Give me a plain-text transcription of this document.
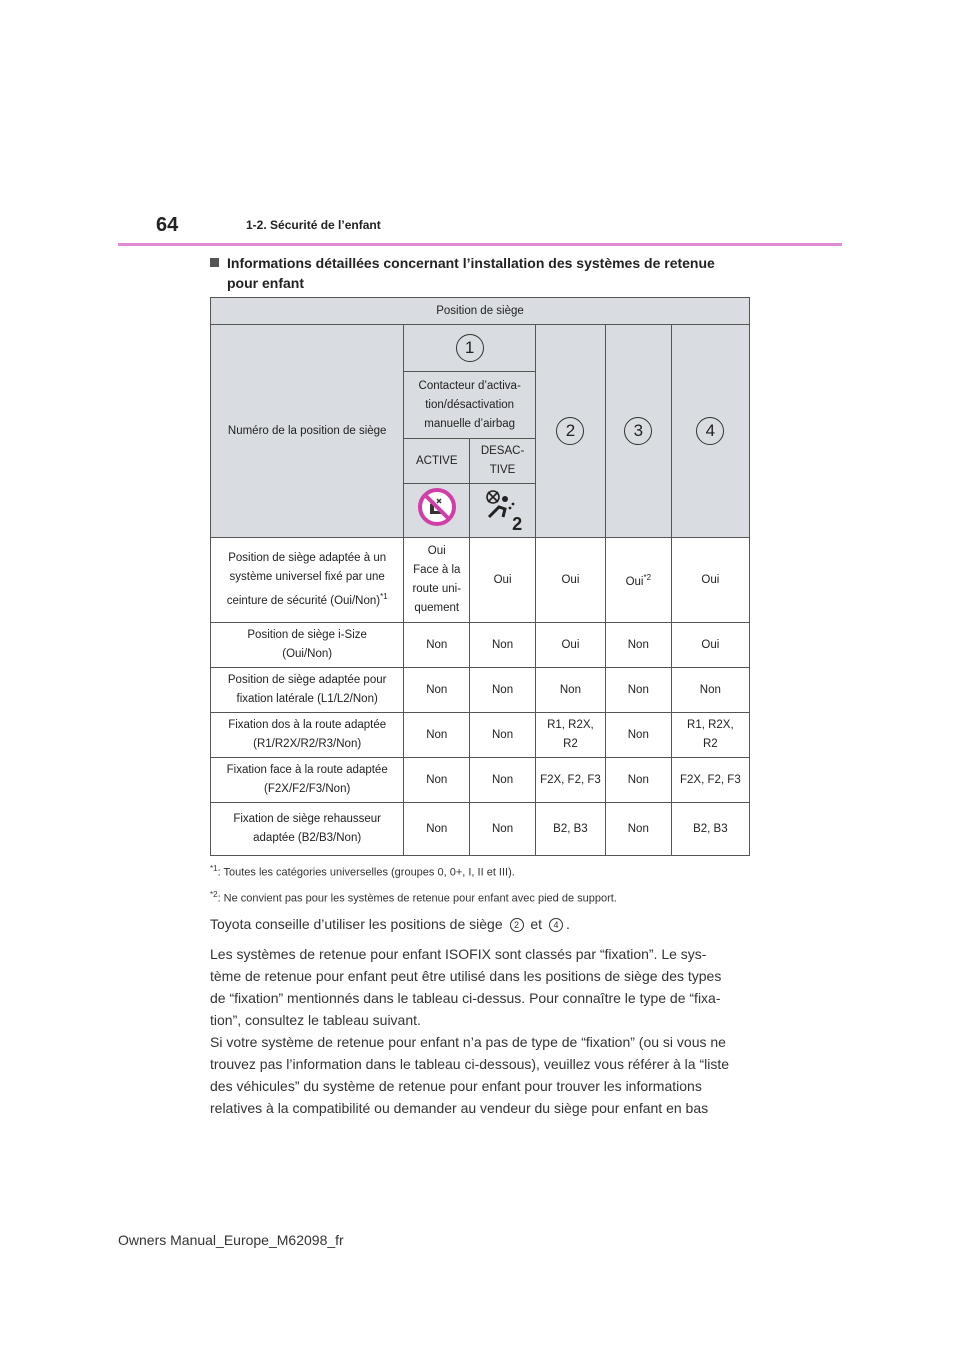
64	1-2. Sécurité de l’enfant
Informations détaillées concernant l’installation des systèmes de retenue
pour enfant
Position de siège					
Numéro de la position de siège	1		2	3	4
	Contacteur d’activa-
tion/désactivation
manuelle d’airbag				
	ACTIVE	DESAC-
TIVE			
	2			
Position de siège adaptée à un
système universel fixé par une
ceinture de sécurité $(Oui/Non)^{*1}$	Oui
Face à la
route uni-
quement	Oui	Oui	Oui$^{*2}$	Oui
Position de siège i-Size
(Oui/Non)	Non	Non	Oui	Non	Oui
Position de siège adaptée pour
fixation latérale (L1/L2/Non)	Non	Non	Non	Non	Non
Fixation dos à la route adaptée
(R1/R2X/R2/R3/Non)	Non	Non	R1, R2X,
R2	Non	R1, R2X,
R2
Fixation face à la route adaptée
(F2X/F2/F3/Non)	Non	Non	F2X, F2, F3	Non	F2X, F2, F3
Fixation de siège rehausseur
adaptée (B2/B3/Non)	Non	Non	B2, B3	Non	B2, B3
$^{*1}$: Toutes les catégories universelles (groupes 0, 0+, I, II et III).
$^{*2}$: Ne convient pas pour les systèmes de retenue pour enfant avec pied de support.
Toyota conseille d’utiliser les positions de siège 2 et 4 .
Les systèmes de retenue pour enfant ISOFIX sont classés par “fixation”. Le sys-
tème de retenue pour enfant peut être utilisé dans les positions de siège des types
de “fixation” mentionnés dans le tableau ci-dessus. Pour connaître le type de “fixa-
tion”, consultez le tableau suivant.
Si votre système de retenue pour enfant n’a pas de type de “fixation” (ou si vous ne
trouvez pas l’information dans le tableau ci-dessous), veuillez vous référer à la “liste
des véhicules” du système de retenue pour enfant pour trouver les informations
relatives à la compatibilité ou demander au vendeur du siège pour enfant en bas
Owners Manual_Europe_M62098_fr
